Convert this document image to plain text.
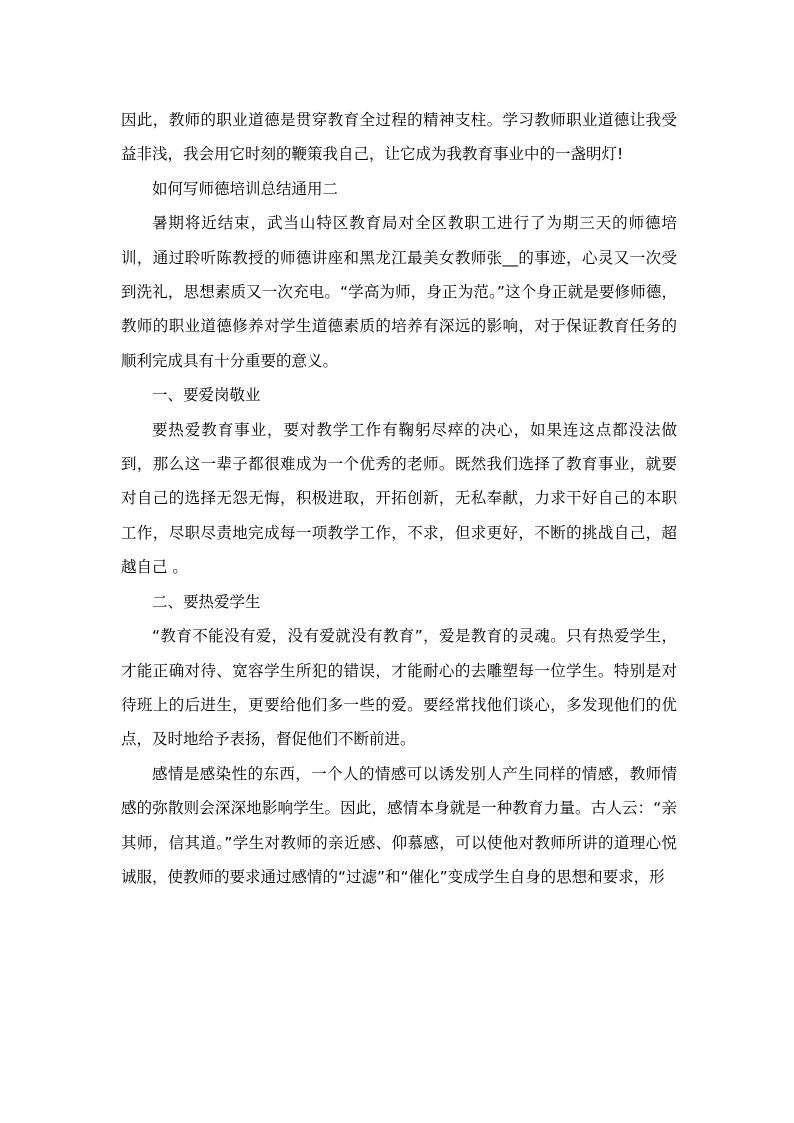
因此，教师的职业道德是贯穿教育全过程的精神支柱。学习教师职业道德让我受益非浅，我会用它时刻的鞭策我自己，让它成为我教育事业中的一盏明灯!

如何写师德培训总结通用二

暑期将近结束，武当山特区教育局对全区教职工进行了为期三天的师德培训，通过聆听陈教授的师德讲座和黑龙江最美女教师张__的事迹，心灵又一次受到洗礼，思想素质又一次充电。“学高为师，身正为范。”这个身正就是要修师德，教师的职业道德修养对学生道德素质的培养有深远的影响，对于保证教育任务的顺利完成具有十分重要的意义。

一、要爱岗敬业

要热爱教育事业，要对教学工作有鞠躬尽瘁的决心，如果连这点都没法做到，那么这一辈子都很难成为一个优秀的老师。既然我们选择了教育事业，就要对自己的选择无怨无悔，积极进取，开拓创新，无私奉献，力求干好自己的本职工作，尽职尽责地完成每一项教学工作，不求，但求更好，不断的挑战自己，超越自己 。

二、要热爱学生

“教育不能没有爱，没有爱就没有教育”，爱是教育的灵魂。只有热爱学生，才能正确对待、宽容学生所犯的错误，才能耐心的去雕塑每一位学生。特别是对待班上的后进生，更要给他们多一些的爱。要经常找他们谈心，多发现他们的优点，及时地给予表扬，督促他们不断前进。

感情是感染性的东西，一个人的情感可以诱发别人产生同样的情感，教师情感的弥散则会深深地影响学生。因此，感情本身就是一种教育力量。古人云：“亲其师，信其道。”学生对教师的亲近感、仰慕感，可以使他对教师所讲的道理心悦诚服，使教师的要求通过感情的“过滤”和“催化”变成学生自身的思想和要求，形
